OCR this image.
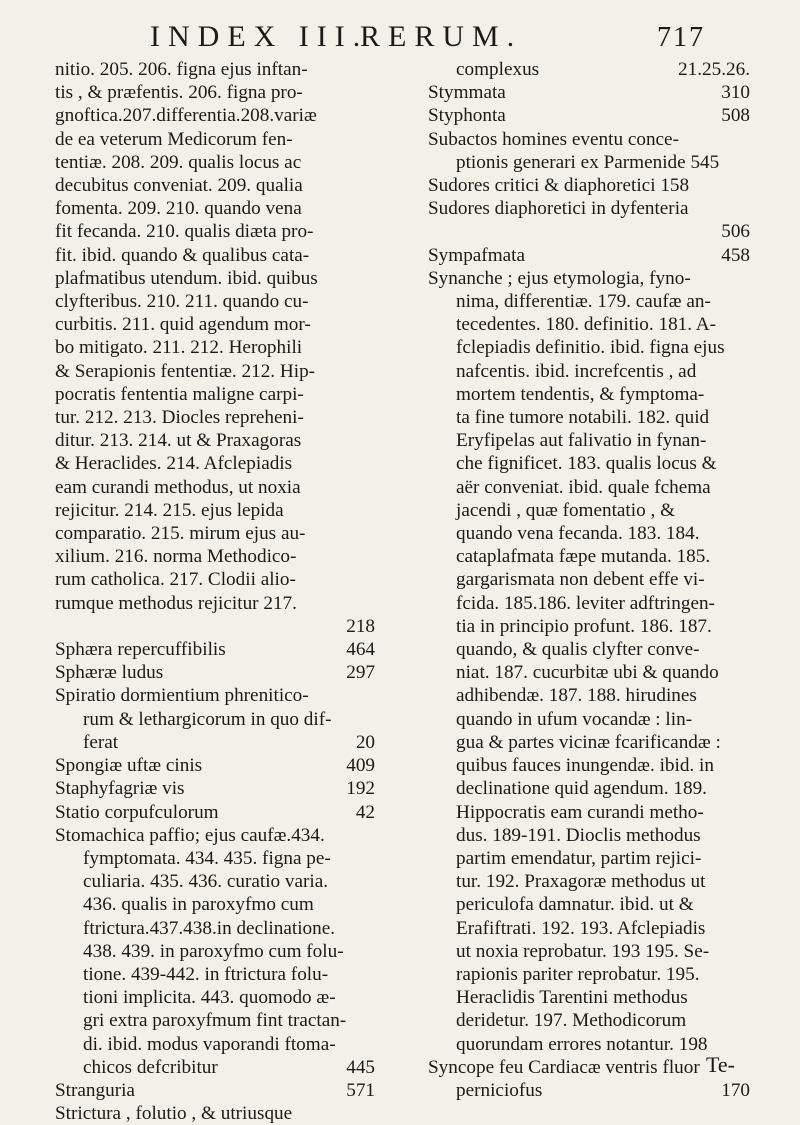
INDEX III.
RERUM.	717
nitio. 205. 206. figna ejus inftan-
tis , & præfentis. 206. figna pro-
gnoftica.207.differentia.208.variæ
de ea veterum Medicorum fen-
tentiæ. 208. 209. qualis locus ac
decubitus conveniat. 209. qualia
fomenta. 209. 210. quando vena
fit fecanda. 210. qualis diæta pro-
fit. ibid. quando & qualibus cata-
plafmatibus utendum. ibid. quibus
clyfteribus. 210. 211. quando cu-
curbitis. 211. quid agendum mor-
bo mitigato. 211. 212. Herophili
& Serapionis fententiæ. 212. Hip-
pocratis fententia maligne carpi-
tur. 212. 213. Diocles repreheni-
ditur. 213. 214. ut & Praxagoras
& Heraclides. 214. Afclepiadis
eam curandi methodus, ut noxia
rejicitur. 214. 215. ejus lepida
comparatio. 215. mirum ejus au-
xilium. 216. norma Methodico-
rum catholica. 217. Clodii alio-
rumque methodus rejicitur 217.
218
Sphæra repercuffibilis	464
Sphæræ ludus	297
Spiratio dormientium phrenitico-
rum & lethargicorum in quo dif-
ferat	20
Spongiæ uftæ cinis	409
Staphyfagriæ vis	192
Statio corpufculorum	42
Stomachica paffio; ejus caufæ.434.
fymptomata. 434. 435. figna pe-
culiaria. 435. 436. curatio varia.
436. qualis in paroxyfmo cum
ftrictura.437.438.in declinatione.
438. 439. in paroxyfmo cum folu-
tione. 439-442. in ftrictura folu-
tioni implicita. 443. quomodo æ-
gri extra paroxyfmum fint tractan-
di. ibid. modus vaporandi ftoma-
chicos defcribitur	445
Stranguria	571
Strictura , folutio , & utriusque
complexus	21.25.26.
Stymmata	310
Styphonta	508
Subactos homines eventu conce-
ptionis generari ex Parmenide 545
Sudores critici & diaphoretici 158
Sudores diaphoretici in dyfenteria
506
Sympafmata	458
Synanche ; ejus etymologia, fyno-
nima, differentiæ. 179. caufæ an-
tecedentes. 180. definitio. 181. A-
fclepiadis definitio. ibid. figna ejus
nafcentis. ibid. increfcentis , ad
mortem tendentis, & fymptoma-
ta fine tumore notabili. 182. quid
Eryfipelas aut falivatio in fynan-
che fignificet. 183. qualis locus &
aër conveniat. ibid. quale fchema
jacendi , quæ fomentatio , &
quando vena fecanda. 183. 184.
cataplafmata fæpe mutanda. 185.
gargarismata non debent effe vi-
fcida. 185.186. leviter adftringen-
tia in principio profunt. 186. 187.
quando, & qualis clyfter conve-
niat. 187. cucurbitæ ubi & quando
adhibendæ. 187. 188. hirudines
quando in ufum vocandæ : lin-
gua & partes vicinæ fcarificandæ :
quibus fauces inungendæ. ibid. in
declinatione quid agendum. 189.
Hippocratis eam curandi metho-
dus. 189-191. Dioclis methodus
partim emendatur, partim rejici-
tur. 192. Praxagoræ methodus ut
periculofa damnatur. ibid. ut &
Erafiftrati. 192. 193. Afclepiadis
ut noxia reprobatur. 193 195. Se-
rapionis pariter reprobatur. 195.
Heraclidis Tarentini methodus
deridetur. 197. Methodicorum
quorundam errores notantur. 198
Syncope feu Cardiacæ ventris fluor
perniciofus	170
Te-
